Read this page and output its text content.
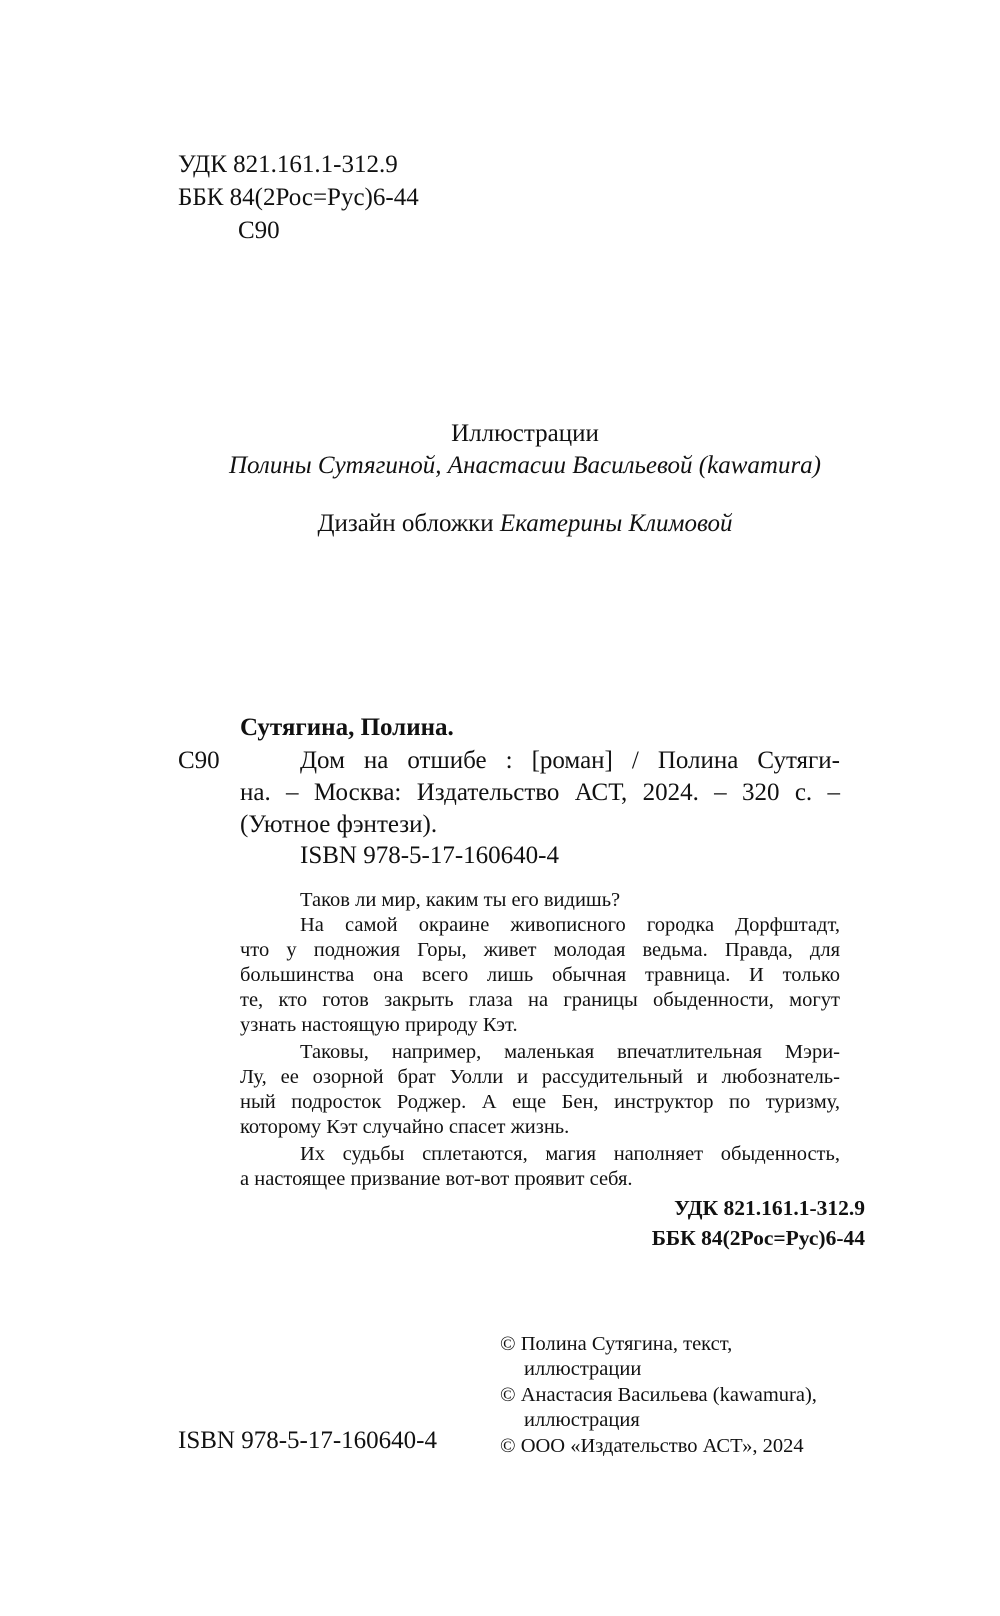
УДК 821.161.1-312.9
ББК 84(2Рос=Рус)6-44
С90
Иллюстрации
Полины Сутягиной, Анастасии Васильевой (kawamura)
Дизайн обложки Екатерины Климовой
Сутягина, Полина.
С90	Дом на отшибе : [роман] / Полина Сутяги-
на. – Москва: Издательство АСТ, 2024. – 320 с. –
(Уютное фэнтези).
ISBN 978-5-17-160640-4
Таков ли мир, каким ты его видишь?
На самой окраине живописного городка Дорфштадт,
что у подножия Горы, живет молодая ведьма. Правда, для
большинства она всего лишь обычная травница. И только
те, кто готов закрыть глаза на границы обыденности, могут
узнать настоящую природу Кэт.
Таковы, например, маленькая впечатлительная Мэри-
Лу, ее озорной брат Уолли и рассудительный и любознатель-
ный подросток Роджер. А еще Бен, инструктор по туризму,
которому Кэт случайно спасет жизнь.
Их судьбы сплетаются, магия наполняет обыденность,
а настоящее призвание вот-вот проявит себя.
УДК 821.161.1-312.9
ББК 84(2Рос=Рус)6-44
© Полина Сутягина, текст,
иллюстрации
© Анастасия Васильева (kawamura),
иллюстрация
© ООО «Издательство АСТ», 2024
ISBN 978-5-17-160640-4
